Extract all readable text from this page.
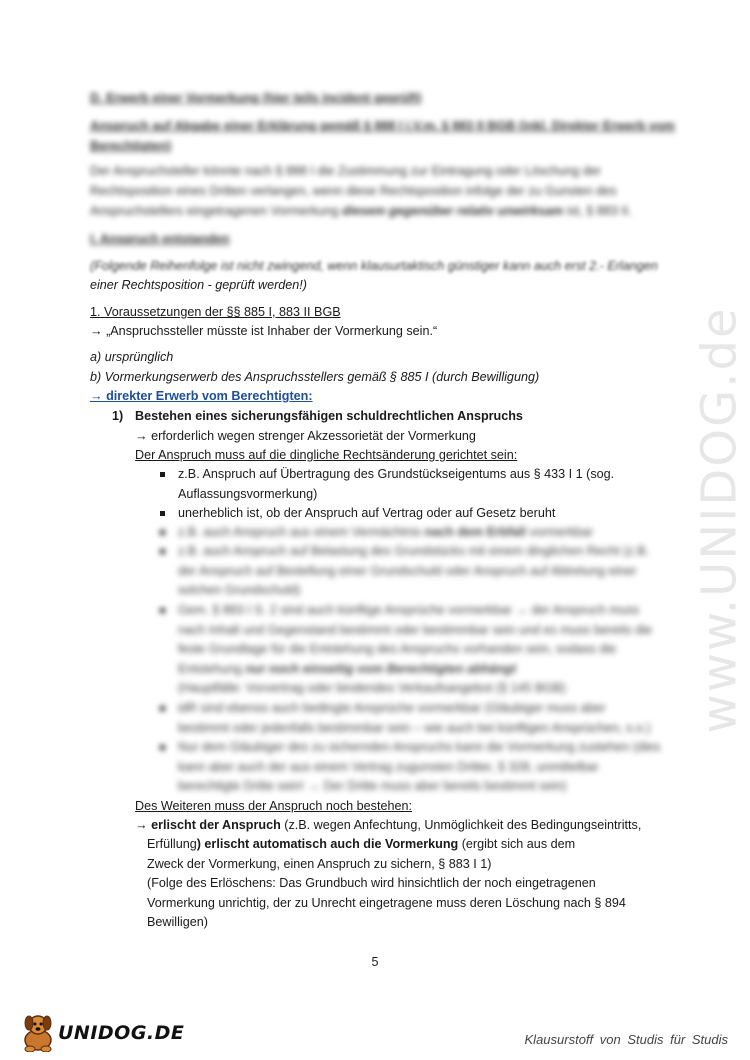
www.UNIDOG.de
D. Erwerb einer Vormerkung (hier teils incident geprüft)
Anspruch auf Abgabe einer Erklärung gemäß § 888 I i.V.m. § 883 II BGB (inkl. Direkter Erwerb vom
Berechtigten)
Der Anspruchsteller könnte nach § 888 I die Zustimmung zur Eintragung oder Löschung der
Rechtsposition eines Dritten verlangen, wenn diese Rechtsposition infolge der zu Gunsten des
Anspruchstellers eingetragenen Vormerkung diesem gegenüber relativ unwirksam ist, § 883 II.
I. Anspruch entstanden
(Folgende Reihenfolge ist nicht zwingend, wenn klausurtaktisch günstiger kann auch erst 2.- Erlangen
einer Rechtsposition - geprüft werden!)
1. Voraussetzungen der §§ 885 I, 883 II BGB
→ „Anspruchssteller müsste ist Inhaber der Vormerkung sein.“
a) ursprünglich
b) Vormerkungserwerb des Anspruchsstellers gemäß § 885 I (durch Bewilligung)
→ direkter Erwerb vom Berechtigten:
1) Bestehen eines sicherungsfähigen schuldrechtlichen Anspruchs
→ erforderlich wegen strenger Akzessorietät der Vormerkung
Der Anspruch muss auf die dingliche Rechtsänderung gerichtet sein:
z.B. Anspruch auf Übertragung des Grundstückseigentums aus § 433 I 1 (sog.
Auflassungsvormerkung)
unerheblich ist, ob der Anspruch auf Vertrag oder auf Gesetz beruht
z.B. auch Anspruch aus einem Vermächtnis nach dem Erbfall vormerkbar
z.B. auch Anspruch auf Belastung des Grundstücks mit einem dinglichen Recht (z.B.
der Anspruch auf Bestellung einer Grundschuld oder Anspruch auf Abtretung einer
solchen Grundschuld)
Gem. § 883 I S. 2 sind auch künftige Ansprüche vormerkbar → der Anspruch muss
nach Inhalt und Gegenstand bestimmt oder bestimmbar sein und es muss bereits die
feste Grundlage für die Entstehung des Anspruchs vorhanden sein, sodass die
Entstehung nur noch einseitig vom Berechtigten abhängt
(Hauptfälle: Vorvertrag oder bindendes Verkaufsangebot (§ 145 BGB)
idR sind ebenso auch bedingte Ansprüche vormerkbar (Gläubiger muss aber
bestimmt oder jedenfalls bestimmbar sein – wie auch bei künftigen Ansprüchen, s.o.)
Nur dem Gläubiger des zu sichernden Anspruchs kann die Vormerkung zustehen (dies
kann aber auch der aus einem Vertrag zugunsten Dritter, § 328, unmittelbar
berechtigte Dritte sein! → Der Dritte muss aber bereits bestimmt sein)
Des Weiteren muss der Anspruch noch bestehen:
→ erlischt der Anspruch (z.B. wegen Anfechtung, Unmöglichkeit des Bedingungseintritts,
Erfüllung) erlischt automatisch auch die Vormerkung (ergibt sich aus dem
Zweck der Vormerkung, einen Anspruch zu sichern, § 883 I 1)
(Folge des Erlöschens: Das Grundbuch wird hinsichtlich der noch eingetragenen
Vormerkung unrichtig, der zu Unrecht eingetragene muss deren Löschung nach § 894
Bewilligen)
5
UNIDOG.DE	Klausurstoff von Studis für Studis
